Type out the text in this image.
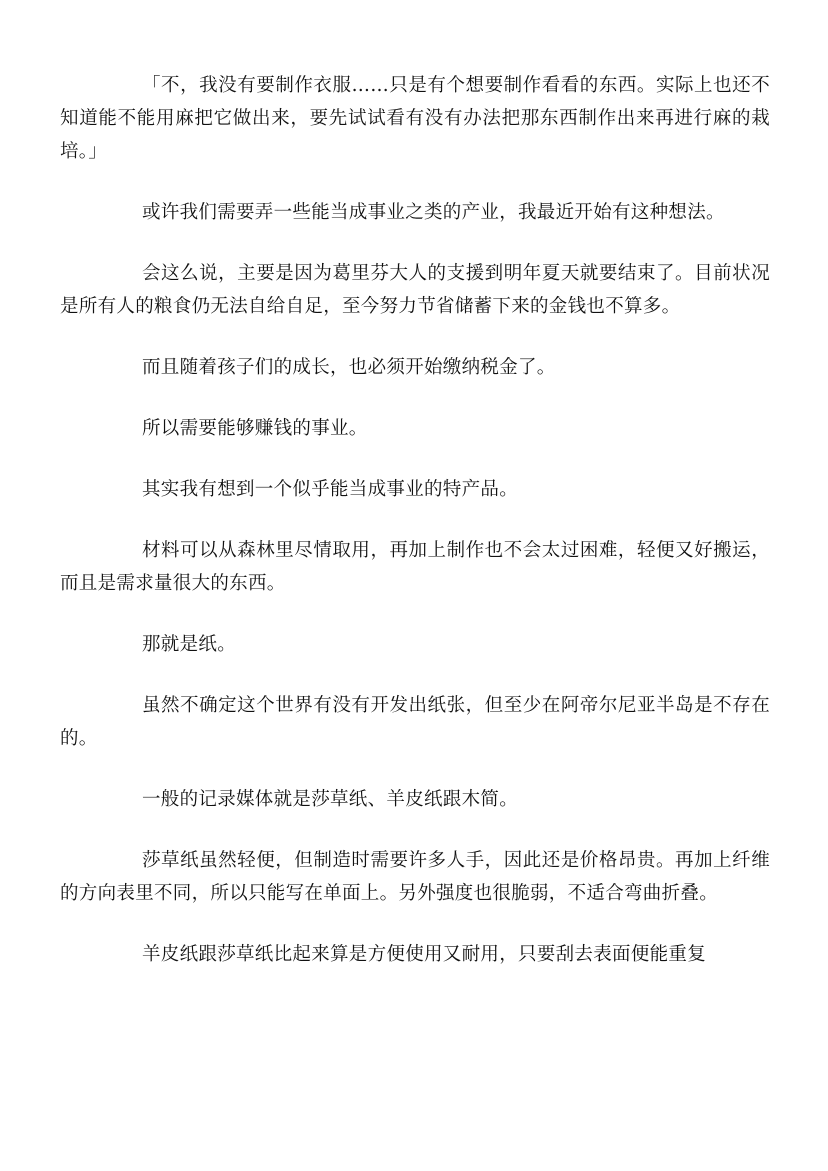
「不，我没有要制作衣服……只是有个想要制作看看的东西。实际上也还不知道能不能用麻把它做出来，要先试试看有没有办法把那东西制作出来再进行麻的栽培。」

或许我们需要弄一些能当成事业之类的产业，我最近开始有这种想法。

会这么说，主要是因为葛里芬大人的支援到明年夏天就要结束了。目前状况是所有人的粮食仍无法自给自足，至今努力节省储蓄下来的金钱也不算多。

而且随着孩子们的成长，也必须开始缴纳税金了。

所以需要能够赚钱的事业。

其实我有想到一个似乎能当成事业的特产品。

材料可以从森林里尽情取用，再加上制作也不会太过困难，轻便又好搬运，而且是需求量很大的东西。

那就是纸。

虽然不确定这个世界有没有开发出纸张，但至少在阿帝尔尼亚半岛是不存在的。

一般的记录媒体就是莎草纸、羊皮纸跟木简。

莎草纸虽然轻便，但制造时需要许多人手，因此还是价格昂贵。再加上纤维的方向表里不同，所以只能写在单面上。另外强度也很脆弱，不适合弯曲折叠。

羊皮纸跟莎草纸比起来算是方便使用又耐用，只要刮去表面便能重复
